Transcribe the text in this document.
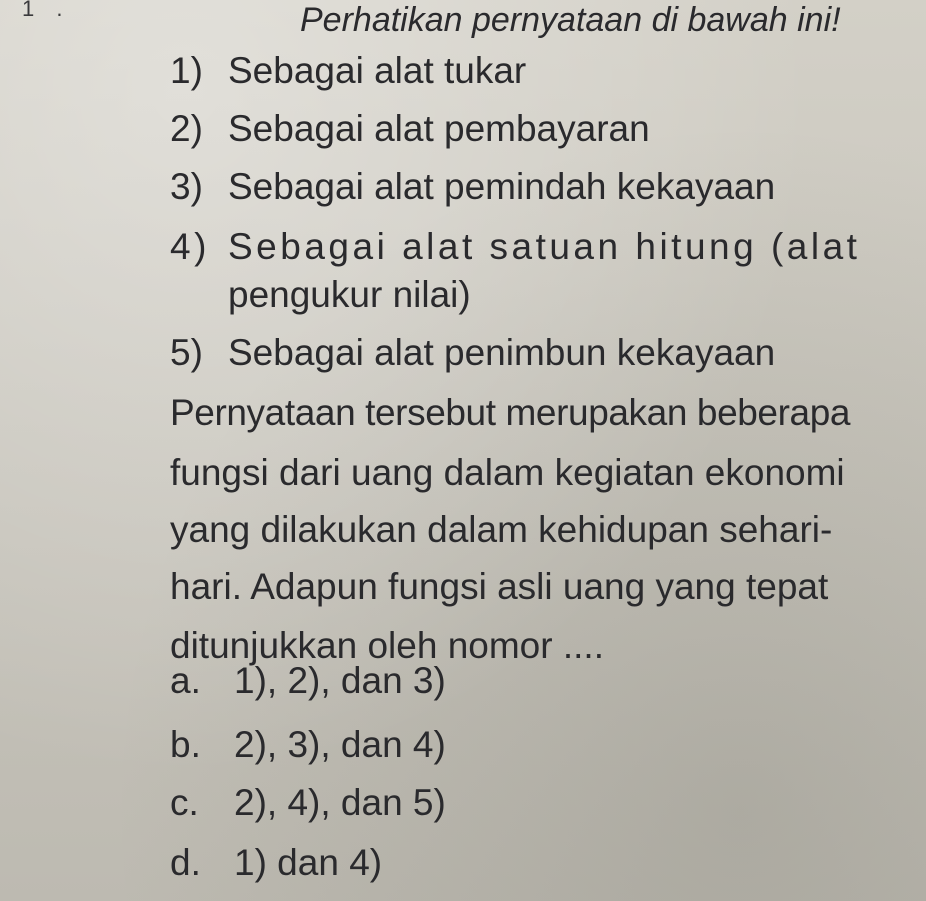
1 .	Perhatikan pernyataan di bawah ini!
1) Sebagai alat tukar
2) Sebagai alat pembayaran
3) Sebagai alat pemindah kekayaan
4) Sebagai alat satuan hitung (alat
pengukur nilai)
5) Sebagai alat penimbun kekayaan
Pernyataan tersebut merupakan beberapa
fungsi dari uang dalam kegiatan ekonomi
yang dilakukan dalam kehidupan sehari-
hari. Adapun fungsi asli uang yang tepat
ditunjukkan oleh nomor ....
a. 1), 2), dan 3)
b. 2), 3), dan 4)
c. 2), 4), dan 5)
d. 1) dan 4)
